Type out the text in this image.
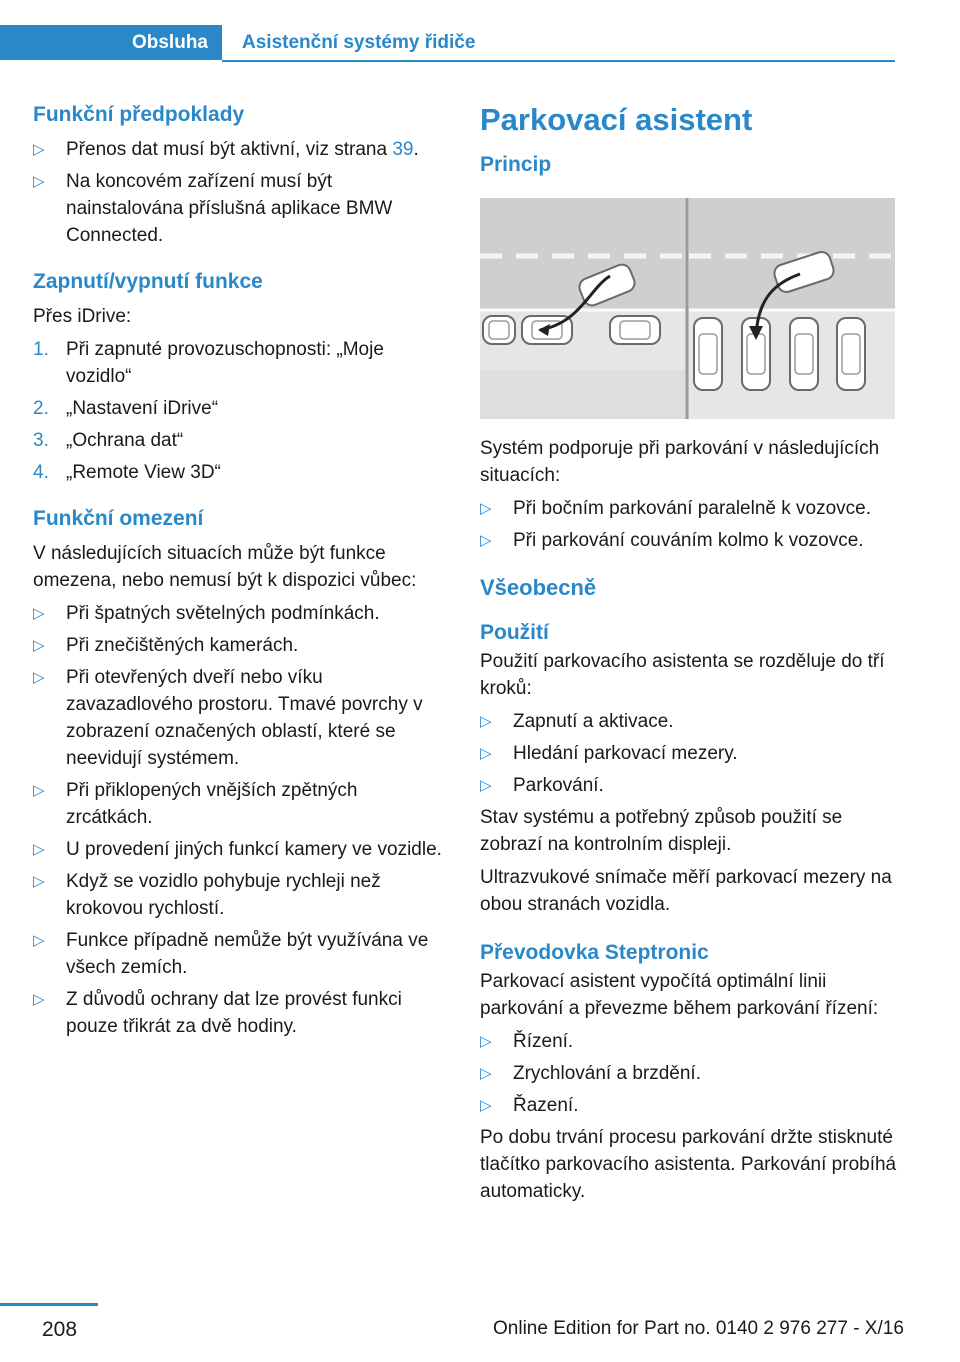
Obsluha	Asistenční systémy řidiče
Funkční předpoklady
▷ Přenos dat musí být aktivní, viz strana 39.
▷ Na koncovém zařízení musí být nainstalována příslušná aplikace BMW Connected.
Zapnutí/vypnutí funkce
Přes iDrive:
1. Při zapnuté provozuschopnosti: „Moje vozidlo“
2. „Nastavení iDrive“
3. „Ochrana dat“
4. „Remote View 3D“
Funkční omezení
V následujících situacích může být funkce omezena, nebo nemusí být k dispozici vůbec:
▷ Při špatných světelných podmínkách.
▷ Při znečištěných kamerách.
▷ Při otevřených dveří nebo víku zavazadlového prostoru. Tmavé povrchy v zobrazení označených oblastí, které se neevidují systémem.
▷ Při přiklopených vnějších zpětných zrcátkách.
▷ U provedení jiných funkcí kamery ve vozidle.
▷ Když se vozidlo pohybuje rychleji než krokovou rychlostí.
▷ Funkce případně nemůže být využívána ve všech zemích.
▷ Z důvodů ochrany dat lze provést funkci pouze třikrát za dvě hodiny.
Parkovací asistent
Princip
Systém podporuje při parkování v následujících situacích:
▷ Při bočním parkování paralelně k vozovce.
▷ Při parkování couváním kolmo k vozovce.
Všeobecně
Použití
Použití parkovacího asistenta se rozděluje do tří kroků:
▷ Zapnutí a aktivace.
▷ Hledání parkovací mezery.
▷ Parkování.
Stav systému a potřebný způsob použití se zobrazí na kontrolním displeji.
Ultrazvukové snímače měří parkovací mezery na obou stranách vozidla.
Převodovka Steptronic
Parkovací asistent vypočítá optimální linii parkování a převezme během parkování řízení:
▷ Řízení.
▷ Zrychlování a brzdění.
▷ Řazení.
Po dobu trvání procesu parkování držte stisknuté tlačítko parkovacího asistenta. Parkování probíhá automaticky.
208	Online Edition for Part no. 0140 2 976 277 - X/16
